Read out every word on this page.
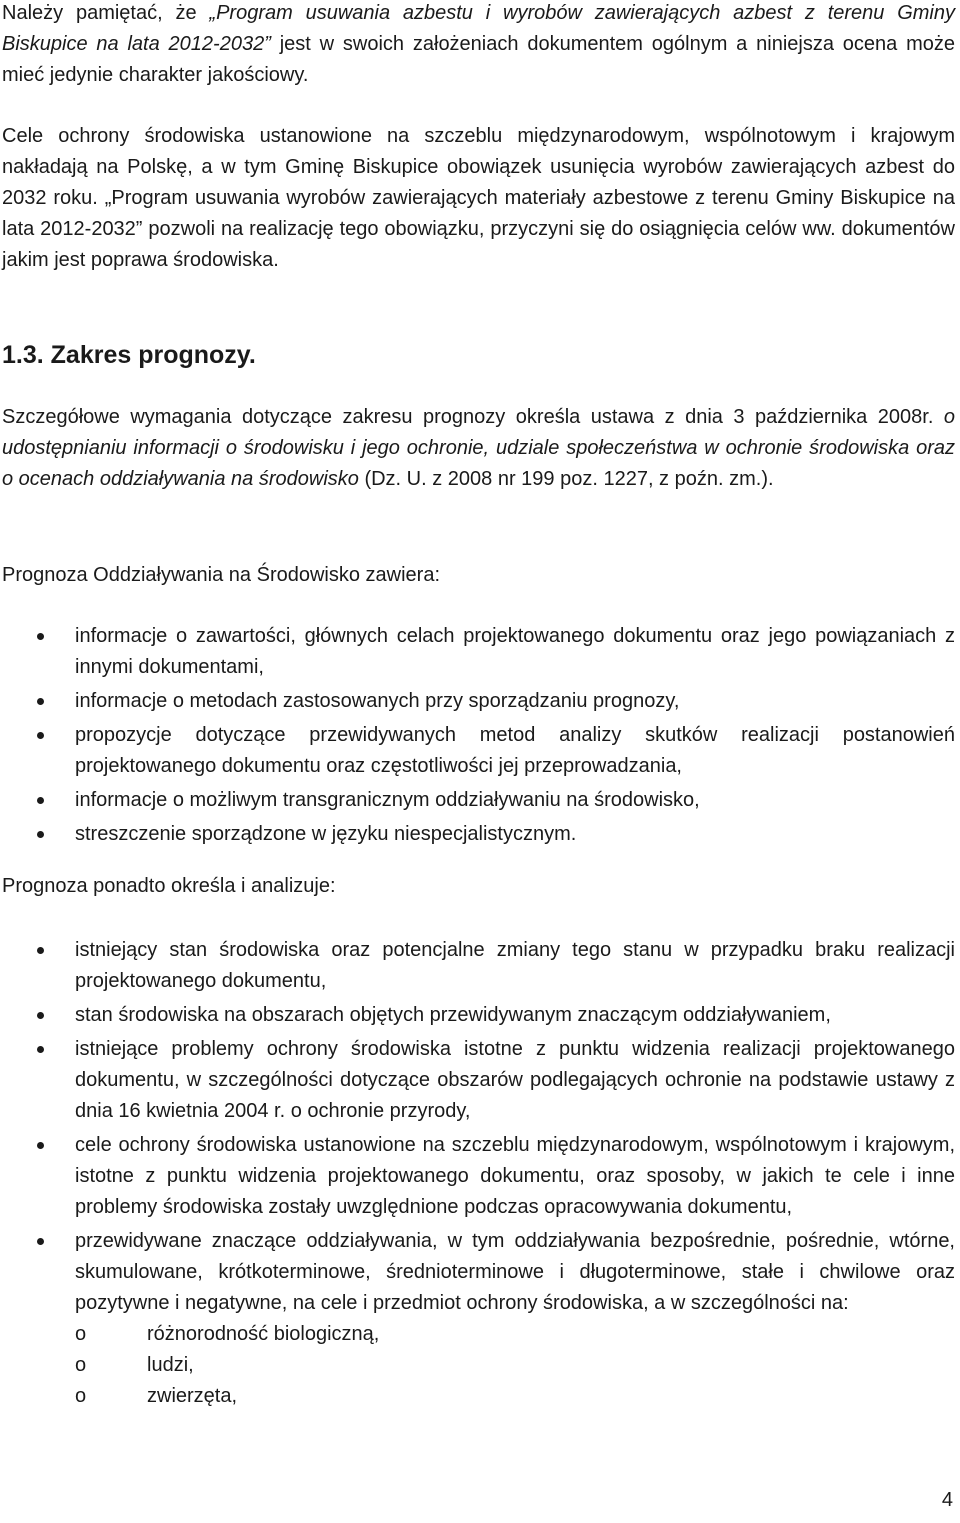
Należy pamiętać, że „Program usuwania azbestu i wyrobów zawierających azbest z terenu Gminy Biskupice na lata 2012-2032” jest w swoich założeniach dokumentem ogólnym a niniejsza ocena może mieć jedynie charakter jakościowy.

Cele ochrony środowiska ustanowione na szczeblu międzynarodowym, wspólnotowym i krajowym nakładają na Polskę, a w tym Gminę Biskupice obowiązek usunięcia wyrobów zawierających azbest do 2032 roku. „Program usuwania wyrobów zawierających materiały azbestowe z terenu Gminy Biskupice na lata 2012-2032” pozwoli na realizację tego obowiązku, przyczyni się do osiągnięcia celów ww. dokumentów jakim jest poprawa środowiska.

1.3. Zakres prognozy.

Szczegółowe wymagania dotyczące zakresu prognozy określa ustawa z dnia 3 października 2008r. o udostępnianiu informacji o środowisku i jego ochronie, udziale społeczeństwa w ochronie środowiska oraz o ocenach oddziaływania na środowisko (Dz. U. z 2008 nr 199 poz. 1227, z poźn. zm.).

Prognoza Oddziaływania na Środowisko zawiera:

informacje o zawartości, głównych celach projektowanego dokumentu oraz jego powiązaniach z innymi dokumentami,
informacje o metodach zastosowanych przy sporządzaniu prognozy,
propozycje dotyczące przewidywanych metod analizy skutków realizacji postanowień projektowanego dokumentu oraz częstotliwości jej przeprowadzania,
informacje o możliwym transgranicznym oddziaływaniu na środowisko,
streszczenie sporządzone w języku niespecjalistycznym.

Prognoza ponadto określa i analizuje:

istniejący stan środowiska oraz potencjalne zmiany tego stanu w przypadku braku realizacji projektowanego dokumentu,
stan środowiska na obszarach objętych przewidywanym znaczącym oddziaływaniem,
istniejące problemy ochrony środowiska istotne z punktu widzenia realizacji projektowanego dokumentu, w szczególności dotyczące obszarów podlegających ochronie na podstawie ustawy z dnia 16 kwietnia 2004 r. o ochronie przyrody,
cele ochrony środowiska ustanowione na szczeblu międzynarodowym, wspólnotowym i krajowym, istotne z punktu widzenia projektowanego dokumentu, oraz sposoby, w jakich te cele i inne problemy środowiska zostały uwzględnione podczas opracowywania dokumentu,
przewidywane znaczące oddziaływania, w tym oddziaływania bezpośrednie, pośrednie, wtórne, skumulowane, krótkoterminowe, średnioterminowe i długoterminowe, stałe i chwilowe oraz pozytywne i negatywne, na cele i przedmiot ochrony środowiska, a w szczególności na:
o	różnorodność biologiczną,
o	ludzi,
o	zwierzęta,
4
